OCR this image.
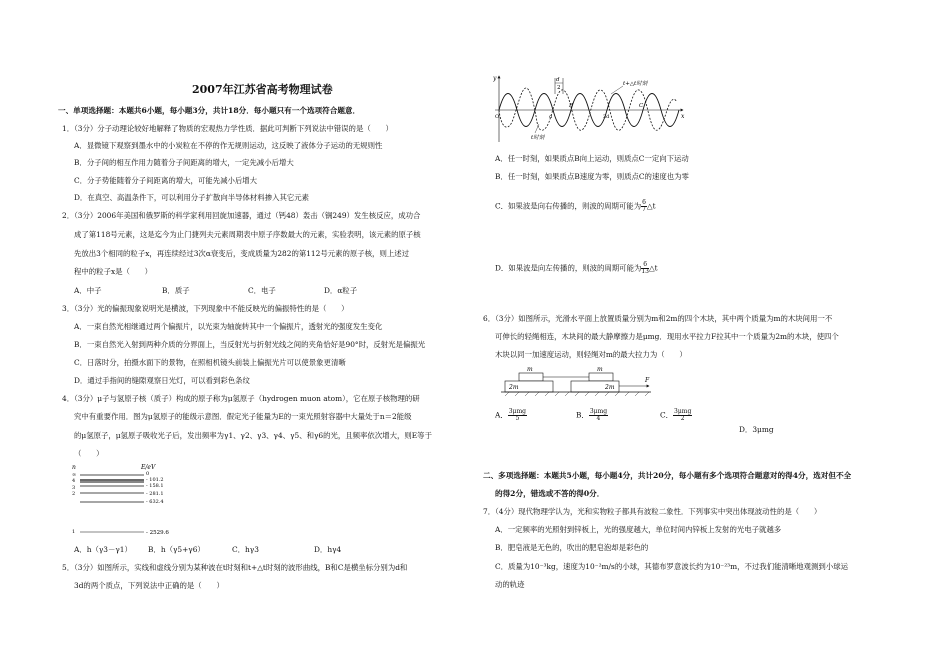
2007年江苏省高考物理试卷
一、单项选择题：本题共6小题，每小题3分，共计18分．每小题只有一个选项符合题意．
1．（3分）分子动理论较好地解释了物质的宏观热力学性质．据此可判断下列说法中错误的是（　　）
A．显微镜下观察到墨水中的小炭粒在不停的作无规则运动，这反映了液体分子运动的无规则性
B．分子间的相互作用力随着分子间距离的增大，一定先减小后增大
C．分子势能随着分子间距离的增大，可能先减小后增大
D．在真空、高温条件下，可以利用分子扩散向半导体材料掺入其它元素
2．（3分）2006年美国和俄罗斯的科学家利用回旋加速器，通过（钙48）轰击（锎249）发生核反应，成功合
成了第118号元素，这是迄今为止门捷列夫元素周期表中原子序数最大的元素，实验表明，该元素的原子核
先放出3个相同的粒子x，再连续经过3次α衰变后，变成质量为282的第112号元素的原子核，则上述过
程中的粒子x是（　　）
A．中子	B．质子	C．电子	D．α粒子
3．（3分）光的偏振现象说明光是横波，下列现象中不能反映光的偏振特性的是（　　）
A．一束自然光相继通过两个偏振片，以光束为轴旋转其中一个偏振片，透射光的强度发生变化
B．一束自然光入射到两种介质的分界面上，当反射光与折射光线之间的夹角恰好是90°时，反射光是偏振光
C．日落时分，拍摄水面下的景物，在照相机镜头前装上偏振光片可以使景象更清晰
D．通过手指间的缝隙观察日光灯，可以看到彩色条纹
4．（3分）μ子与氢原子核（质子）构成的原子称为μ氢原子（hydrogen muon atom），它在原子核物理的研
究中有重要作用．图为μ氢原子的能级示意图．假定光子能量为E的一束光照射容器中大量处于n＝2能级
的μ氢原子，μ氢原子吸收光子后，发出频率为γ1、γ2、γ3、γ4、γ5、和γ6的光，且频率依次增大，则E等于
（　　）
n	E/eV
∞	0
4	- 101.2
- 158.1
3
2	- 281.1
- 632.4
1	- 2529.6
A．h（γ3－γ1） B．h（γ5+γ6）	C．hγ3	D．hγ4
5．（3分）如图所示，实线和虚线分别为某种波在t时刻和t+△t时刻的波形曲线，B和C是横坐标分别为d和
3d的两个质点，下列说法中正确的是（　　）
y
x
O
d
2
t+△t时刻
t时刻
d
B
3d
C
A．任一时刻，如果质点B向上运动，则质点C一定向下运动
B．任一时刻，如果质点B速度为零，则质点C的速度也为零
C．如果波是向右传播的，则波的周期可能为 $\frac{6}{7}$ △t
D．如果波是向左传播的，则波的周期可能为 $\frac{6}{13}$ △t
6．（3分）如图所示，光滑水平面上放置质量分别为m和2m的四个木块，其中两个质量为m的木块间用一不
可伸长的轻绳相连，木块间的最大静摩擦力是μmg．现用水平拉力F拉其中一个质量为2m的木块，使四个
木块以同一加速度运动，则轻绳对m的最大拉力为（　　）
m	m
2m	2m
F
A． $\frac{\text{3μmg}}{5}$	B． $\frac{\text{3μmg}}{4}$	C． $\frac{\text{3μmg}}{2}$
D．3μmg
二、多项选择题：本题共5小题，每小题4分，共计20分，每小题有多个选项符合题意对的得4分，选对但不全
的得2分，错选或不答的得0分．
7．（4分）现代物理学认为，光和实物粒子都具有波粒二象性．下列事实中突出体现波动性的是（　　）
A．一定频率的光照射到锌板上，光的强度越大，单位时间内锌板上发射的光电子就越多
B．肥皂液是无色的，吹出的肥皂泡却是彩色的
C．质量为10⁻³kg，速度为10⁻²m/s的小球，其德布罗意波长约为10⁻²³m，不过我们能清晰地观测到小球运
动的轨迹
